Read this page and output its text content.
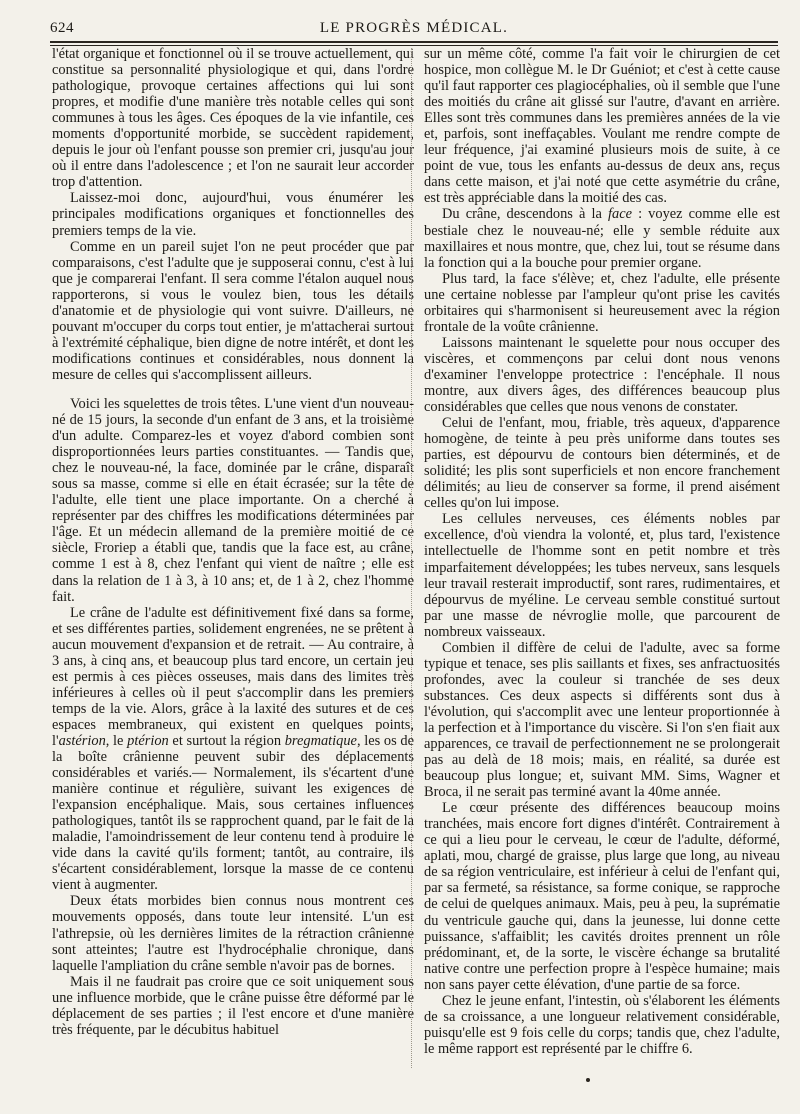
624	LE PROGRÈS MÉDICAL.

l'état organique et fonctionnel où il se trouve actuellement, qui constitue sa personnalité physiologique et qui, dans l'ordre pathologique, provoque certaines affections qui lui sont propres, et modifie d'une manière très notable celles qui sont communes à tous les âges. Ces époques de la vie infantile, ces moments d'opportunité morbide, se succèdent rapidement, depuis le jour où l'enfant pousse son premier cri, jusqu'au jour où il entre dans l'adolescence ; et l'on ne saurait leur accorder trop d'attention.

Laissez-moi donc, aujourd'hui, vous énumérer les principales modifications organiques et fonctionnelles des premiers temps de la vie.

Comme en un pareil sujet l'on ne peut procéder que par comparaisons, c'est l'adulte que je supposerai connu, c'est à lui que je comparerai l'enfant. Il sera comme l'étalon auquel nous rapporterons, si vous le voulez bien, tous les détails d'anatomie et de physiologie qui vont suivre. D'ailleurs, ne pouvant m'occuper du corps tout entier, je m'attacherai surtout à l'extrémité céphalique, bien digne de notre intérêt, et dont les modifications continues et considérables, nous donnent la mesure de celles qui s'accomplissent ailleurs.

Voici les squelettes de trois têtes. L'une vient d'un nouveau-né de 15 jours, la seconde d'un enfant de 3 ans, et la troisième d'un adulte. Comparez-les et voyez d'abord combien sont disproportionnées leurs parties constituantes. — Tandis que, chez le nouveau-né, la face, dominée par le crâne, disparaît sous sa masse, comme si elle en était écrasée; sur la tête de l'adulte, elle tient une place importante. On a cherché à représenter par des chiffres les modifications déterminées par l'âge. Et un médecin allemand de la première moitié de ce siècle, Froriep a établi que, tandis que la face est, au crâne, comme 1 est à 8, chez l'enfant qui vient de naître ; elle est dans la relation de 1 à 3, à 10 ans; et, de 1 à 2, chez l'homme fait.

Le crâne de l'adulte est définitivement fixé dans sa forme, et ses différentes parties, solidement engrenées, ne se prêtent à aucun mouvement d'expansion et de retrait. — Au contraire, à 3 ans, à cinq ans, et beaucoup plus tard encore, un certain jeu est permis à ces pièces osseuses, mais dans des limites très inférieures à celles où il peut s'accomplir dans les premiers temps de la vie. Alors, grâce à la laxité des sutures et de ces espaces membraneux, qui existent en quelques points, l'astérion, le ptérion et surtout la région bregmatique, les os de la boîte crânienne peuvent subir des déplacements considérables et variés.— Normalement, ils s'écartent d'une manière continue et régulière, suivant les exigences de l'expansion encéphalique. Mais, sous certaines influences pathologiques, tantôt ils se rapprochent quand, par le fait de la maladie, l'amoindrissement de leur contenu tend à produire le vide dans la cavité qu'ils forment; tantôt, au contraire, ils s'écartent considérablement, lorsque la masse de ce contenu vient à augmenter.

Deux états morbides bien connus nous montrent ces mouvements opposés, dans toute leur intensité. L'un est l'athrepsie, où les dernières limites de la rétraction crânienne sont atteintes; l'autre est l'hydrocéphalie chronique, dans laquelle l'ampliation du crâne semble n'avoir pas de bornes.

Mais il ne faudrait pas croire que ce soit uniquement sous une influence morbide, que le crâne puisse être déformé par le déplacement de ses parties ; il l'est encore et d'une manière très fréquente, par le décubitus habituel

sur un même côté, comme l'a fait voir le chirurgien de cet hospice, mon collègue M. le Dr Guéniot; et c'est à cette cause qu'il faut rapporter ces plagiocéphalies, où il semble que l'une des moitiés du crâne ait glissé sur l'autre, d'avant en arrière. Elles sont très communes dans les premières années de la vie et, parfois, sont ineffaçables. Voulant me rendre compte de leur fréquence, j'ai examiné plusieurs mois de suite, à ce point de vue, tous les enfants au-dessus de deux ans, reçus dans cette maison, et j'ai noté que cette asymétrie du crâne, est très appréciable dans la moitié des cas.

Du crâne, descendons à la face : voyez comme elle est bestiale chez le nouveau-né; elle y semble réduite aux maxillaires et nous montre, que, chez lui, tout se résume dans la fonction qui a la bouche pour premier organe.

Plus tard, la face s'élève; et, chez l'adulte, elle présente une certaine noblesse par l'ampleur qu'ont prise les cavités orbitaires qui s'harmonisent si heureusement avec la région frontale de la voûte crânienne.

Laissons maintenant le squelette pour nous occuper des viscères, et commençons par celui dont nous venons d'examiner l'enveloppe protectrice : l'encéphale. Il nous montre, aux divers âges, des différences beaucoup plus considérables que celles que nous venons de constater.

Celui de l'enfant, mou, friable, très aqueux, d'apparence homogène, de teinte à peu près uniforme dans toutes ses parties, est dépourvu de contours bien déterminés, et de solidité; les plis sont superficiels et non encore franchement délimités; au lieu de conserver sa forme, il prend aisément celles qu'on lui impose.

Les cellules nerveuses, ces éléments nobles par excellence, d'où viendra la volonté, et, plus tard, l'existence intellectuelle de l'homme sont en petit nombre et très imparfaitement développées; les tubes nerveux, sans lesquels leur travail resterait improductif, sont rares, rudimentaires, et dépourvus de myéline. Le cerveau semble constitué surtout par une masse de névroglie molle, que parcourent de nombreux vaisseaux.

Combien il diffère de celui de l'adulte, avec sa forme typique et tenace, ses plis saillants et fixes, ses anfractuosités profondes, avec la couleur si tranchée de ses deux substances. Ces deux aspects si différents sont dus à l'évolution, qui s'accomplit avec une lenteur proportionnée à la perfection et à l'importance du viscère. Si l'on s'en fiait aux apparences, ce travail de perfectionnement ne se prolongerait pas au delà de 18 mois; mais, en réalité, sa durée est beaucoup plus longue; et, suivant MM. Sims, Wagner et Broca, il ne serait pas terminé avant la 40me année.

Le cœur présente des différences beaucoup moins tranchées, mais encore fort dignes d'intérêt. Contrairement à ce qui a lieu pour le cerveau, le cœur de l'adulte, déformé, aplati, mou, chargé de graisse, plus large que long, au niveau de sa région ventriculaire, est inférieur à celui de l'enfant qui, par sa fermeté, sa résistance, sa forme conique, se rapproche de celui de quelques animaux. Mais, peu à peu, la suprématie du ventricule gauche qui, dans la jeunesse, lui donne cette puissance, s'affaiblit; les cavités droites prennent un rôle prédominant, et, de la sorte, le viscère échange sa brutalité native contre une perfection propre à l'espèce humaine; mais non sans payer cette élévation, d'une partie de sa force.

Chez le jeune enfant, l'intestin, où s'élaborent les éléments de sa croissance, a une longueur relativement considérable, puisqu'elle est 9 fois celle du corps; tandis que, chez l'adulte, le même rapport est représenté par le chiffre 6.
